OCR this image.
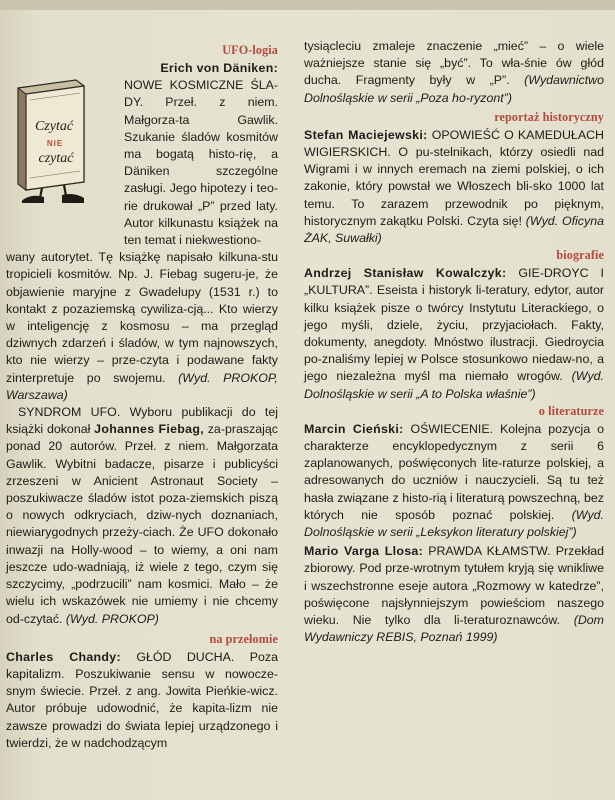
Czytać
NIE
czytać
UFO-logia

Erich von Däniken:

NOWE KOSMICZNE ŚLA-DY. Przeł. z niem. Małgorza-ta Gawlik. Szukanie śladów kosmitów ma bogatą histo-rię, a Däniken szczególne zasługi. Jego hipotezy i teo-rie drukował „P” przed laty. Autor kilkunastu książek na ten temat i niekwestiono-

wany autorytet. Tę książkę napisało kilkuna-stu tropicieli kosmitów. Np. J. Fiebag sugeru-je, że objawienie maryjne z Gwadelupy (1531 r.) to kontakt z pozaziemską cywiliza-cją... Kto wierzy w inteligencję z kosmosu – ma przegląd dziwnych zdarzeń i śladów, w tym najnowszych, kto nie wierzy – prze-czyta i podawane fakty zinterpretuje po swojemu. (Wyd. PROKOP, Warszawa)

SYNDROM UFO. Wyboru publikacji do tej książki dokonał Johannes Fiebag, za-praszając ponad 20 autorów. Przeł. z niem. Małgorzata Gawlik. Wybitni badacze, pisarze i publicyści zrzeszeni w Anicient Astronaut Society – poszukiwacze śladów istot poza-ziemskich piszą o nowych odkryciach, dziw-nych doznaniach, niewiarygodnych przeży-ciach. Że UFO dokonało inwazji na Holly-wood – to wiemy, a oni nam jeszcze udo-wadniają, iż wiele z tego, czym się szczycimy, „podrzucili” nam kosmici. Mało – że wielu ich wskazówek nie umiemy i nie chcemy od-czytać. (Wyd. PROKOP)

na przełomie

Charles Chandy: GŁÓD DUCHA. Poza kapitalizm. Poszukiwanie sensu w nowocze-snym świecie. Przeł. z ang. Jowita Pieńkie-wicz. Autor próbuje udowodnić, że kapita-lizm nie zawsze prowadzi do świata lepiej urządzonego i twierdzi, że w nadchodzącym

tysiącleciu zmaleje znaczenie „mieć” – o wiele ważniejsze stanie się „być”. To wła-śnie ów głód ducha. Fragmenty były w „P”. (Wydawnictwo Dolnośląskie w serii „Poza ho-ryzont”)

reportaż historyczny

Stefan Maciejewski: OPOWIEŚĆ O KAMEDUŁACH WIGIERSKICH. O pu-stelnikach, którzy osiedli nad Wigrami i w innych eremach na ziemi polskiej, o ich zakonie, który powstał we Włoszech bli-sko 1000 lat temu. To zarazem przewodnik po pięknym, historycznym zakątku Polski. Czyta się! (Wyd. Oficyna ŻAK, Suwałki)

biografie

Andrzej Stanisław Kowalczyk: GIE-DROYC I „KULTURA”. Eseista i historyk li-teratury, edytor, autor kilku książek pisze o twórcy Instytutu Literackiego, o jego myśli, dziele, życiu, przyjaciołach. Fakty, dokumenty, anegdoty. Mnóstwo ilustracji. Giedroycia po-znaliśmy lepiej w Polsce stosunkowo niedaw-no, a jego niezależna myśl ma niemało wrogów. (Wyd. Dolnośląskie w serii „A to Polska właśnie”)

o literaturze

Marcin Cieński: OŚWIECENIE. Kolejna pozycja o charakterze encyklopedycznym z serii 6 zaplanowanych, poświęconych lite-raturze polskiej, a adresowanych do uczniów i nauczycieli. Są tu też hasła związane z histo-rią i literaturą powszechną, bez których nie sposób poznać polskiej. (Wyd. Dolnośląskie w serii „Leksykon literatury polskiej”)

Mario Varga Llosa: PRAWDA KŁAMSTW. Przekład zbiorowy. Pod prze-wrotnym tytułem kryją się wnikliwe i wszechstronne eseje autora „Rozmowy w katedrze”, poświęcone najsłynniejszym powieściom naszego wieku. Nie tylko dla li-teraturoznawców. (Dom Wydawniczy REBIS, Poznań 1999)
